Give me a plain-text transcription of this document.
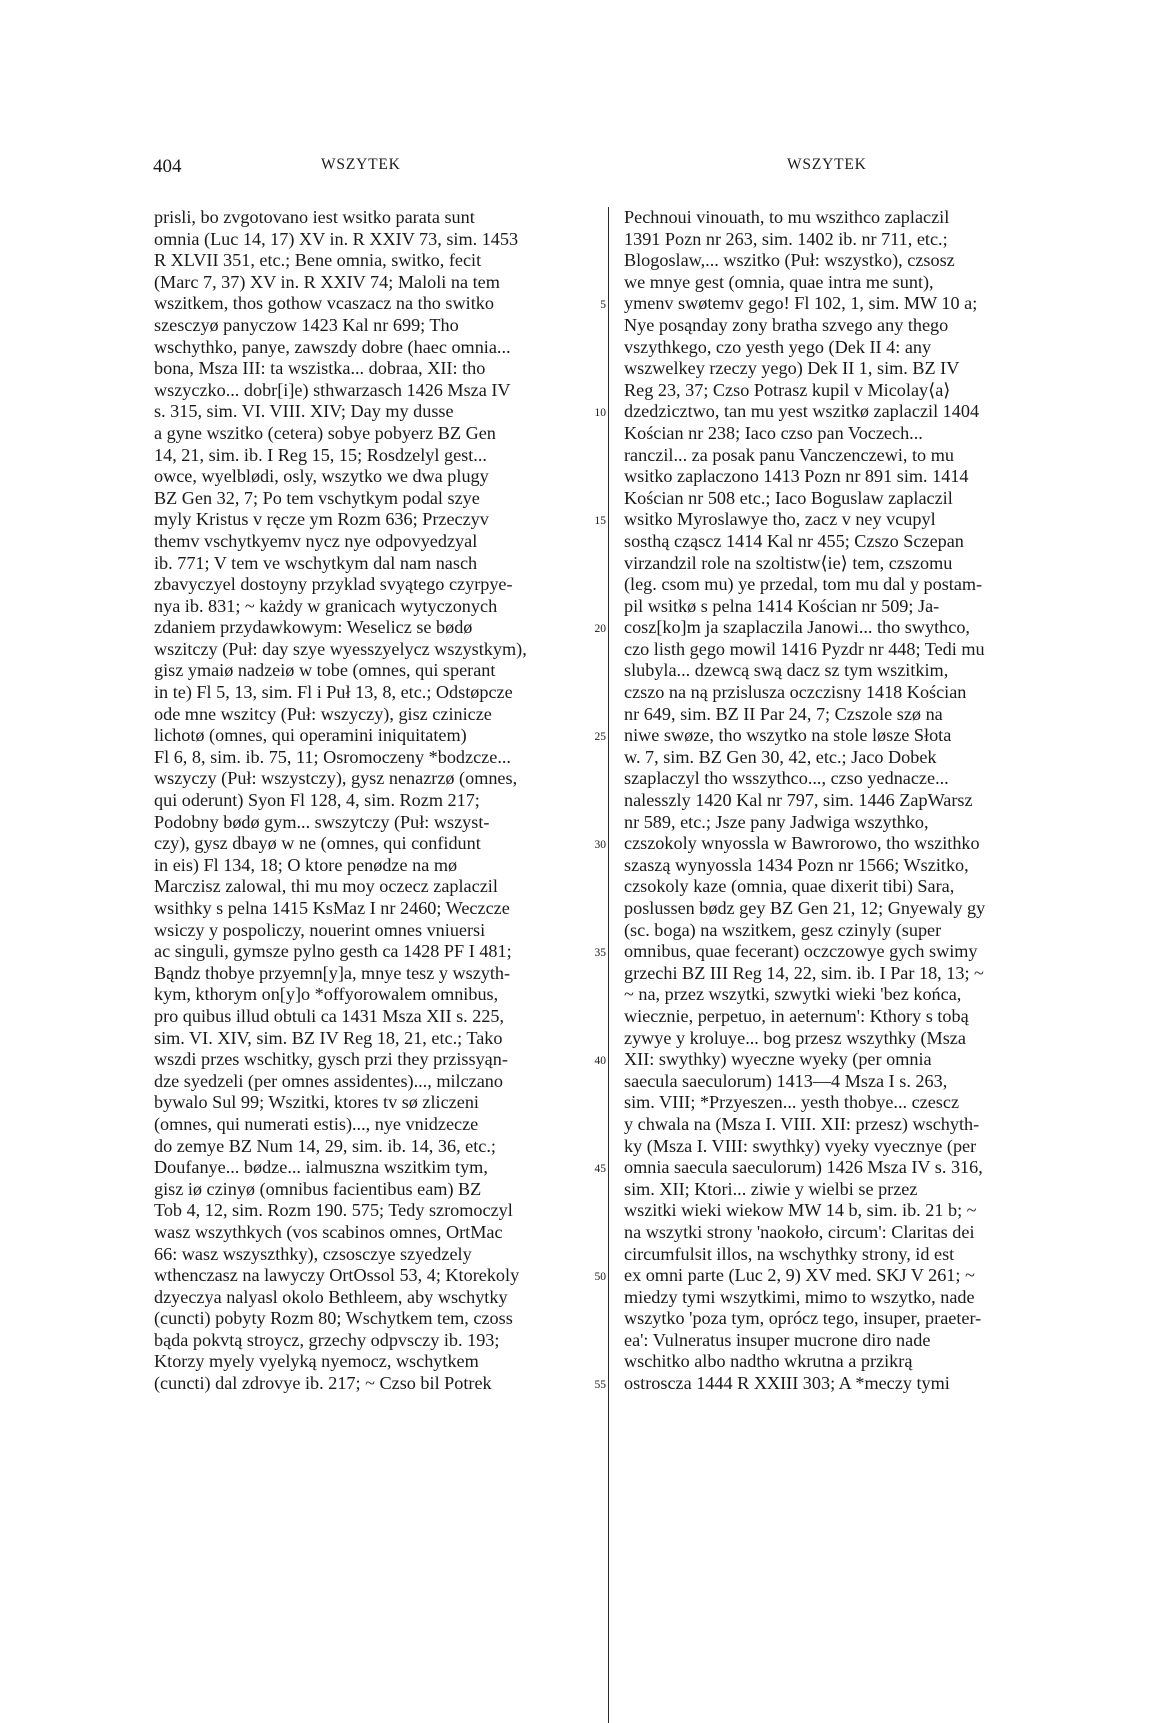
404	WSZYTEK	WSZYTEK
prisli, bo zvgotovano iest wsitko parata sunt
omnia (Luc 14, 17) XV in. R XXIV 73, sim. 1453
R XLVII 351, etc.; Bene omnia, switko, fecit
(Marc 7, 37) XV in. R XXIV 74; Maloli na tem
wszitkem, thos gothow vcaszacz na tho switko
szesczyø panyczow 1423 Kal nr 699; Tho
wschythko, panye, zawszdy dobre (haec omnia...
bona, Msza III: ta wszistka... dobraa, XII: tho
wszyczko... dobr[i]e) sthwarzasch 1426 Msza IV
s. 315, sim. VI. VIII. XIV; Day my dusse
a gyne wszitko (cetera) sobye pobyerz BZ Gen
14, 21, sim. ib. I Reg 15, 15; Rosdzelyl gest...
owce, wyelblødi, osly, wszytko we dwa plugy
BZ Gen 32, 7; Po tem vschytkym podal szye
myly Kristus v ręcze ym Rozm 636; Przeczyv
themv vschytkyemv nycz nye odpovyedzyal
ib. 771; V tem ve wschytkym dal nam nasch
zbavyczyel dostoyny przyklad svyątego czyrpye-
nya ib. 831; ~ każdy w granicach wytyczonych
zdaniem przydawkowym: Weselicz se bødø
wszitczy (Puł: day szye wyesszyelycz wszystkym),
gisz ymaiø nadzeiø w tobe (omnes, qui sperant
in te) Fl 5, 13, sim. Fl i Puł 13, 8, etc.; Odstøpcze
ode mne wszitcy (Puł: wszyczy), gisz czinicze
lichotø (omnes, qui operamini iniquitatem)
Fl 6, 8, sim. ib. 75, 11; Osromoczeny *bodzcze...
wszyczy (Puł: wszystczy), gysz nenazrzø (omnes,
qui oderunt) Syon Fl 128, 4, sim. Rozm 217;
Podobny bødø gym... swszytczy (Puł: wszyst-
czy), gysz dbayø w ne (omnes, qui confidunt
in eis) Fl 134, 18; O ktore penødze na mø
Marczisz zalowal, thi mu moy oczecz zaplaczil
wsithky s pelna 1415 KsMaz I nr 2460; Weczcze
wsiczy y pospoliczy, nouerint omnes vniuersi
ac singuli, gymsze pylno gesth ca 1428 PF I 481;
Bąndz thobye przyemn[y]a, mnye tesz y wszyth-
kym, kthorym on[y]o *offyorowalem omnibus,
pro quibus illud obtuli ca 1431 Msza XII s. 225,
sim. VI. XIV, sim. BZ IV Reg 18, 21, etc.; Tako
wszdi przes wschitky, gysch przi they przissyąn-
dze syedzeli (per omnes assidentes)..., milczano
bywalo Sul 99; Wszitki, ktores tv sø zliczeni
(omnes, qui numerati estis)..., nye vnidzecze
do zemye BZ Num 14, 29, sim. ib. 14, 36, etc.;
Doufanye... bødze... ialmuszna wszitkim tym,
gisz iø czinyø (omnibus facientibus eam) BZ
Tob 4, 12, sim. Rozm 190. 575; Tedy szromoczyl
wasz wszythkych (vos scabinos omnes, OrtMac
66: wasz wszyszthky), czsosczye szyedzely
wthenczasz na lawyczy OrtOssol 53, 4; Ktorekoly
dzyeczya nalyasl okolo Bethleem, aby wschytky
(cuncti) pobyty Rozm 80; Wschytkem tem, czoss
bąda pokvtą stroycz, grzechy odpvsczy ib. 193;
Ktorzy myely vyelyką nyemocz, wschytkem
(cuncti) dal zdrovye ib. 217; ~ Czso bil Potrek
5
10
15
20
25
30
35
40
45
50
55
Pechnoui vinouath, to mu wszithco zaplaczil
1391 Pozn nr 263, sim. 1402 ib. nr 711, etc.;
Blogoslaw,... wszitko (Puł: wszystko), czsosz
we mnye gest (omnia, quae intra me sunt),
ymenv swøtemv gego! Fl 102, 1, sim. MW 10 a;
Nye posąnday zony bratha szvego any thego
vszythkego, czo yesth yego (Dek II 4: any
wszwelkey rzeczy yego) Dek II 1, sim. BZ IV
Reg 23, 37; Czso Potrasz kupil v Micolay⟨a⟩
dzedzicztwo, tan mu yest wszitkø zaplaczil 1404
Kościan nr 238; Iaco czso pan Voczech...
ranczil... za posak panu Vanczenczewi, to mu
wsitko zaplaczono 1413 Pozn nr 891 sim. 1414
Kościan nr 508 etc.; Iaco Boguslaw zaplaczil
wsitko Myroslawye tho, zacz v ney vcupyl
sosthą cząscz 1414 Kal nr 455; Czszo Sczepan
virzandzil role na szoltistw⟨ie⟩ tem, czszomu
(leg. csom mu) ye przedal, tom mu dal y postam-
pil wsitkø s pelna 1414 Kościan nr 509; Ja-
cosz[ko]m ja szaplaczila Janowi... tho swythco,
czo listh gego mowil 1416 Pyzdr nr 448; Tedi mu
slubyla... dzewcą swą dacz sz tym wszitkim,
czszo na ną przislusza oczczisny 1418 Kościan
nr 649, sim. BZ II Par 24, 7; Czszole szø na
niwe swøze, tho wszytko na stole løsze Słota
w. 7, sim. BZ Gen 30, 42, etc.; Jaco Dobek
szaplaczyl tho wsszythco..., czso yednacze...
nalesszly 1420 Kal nr 797, sim. 1446 ZapWarsz
nr 589, etc.; Jsze pany Jadwiga wszythko,
czszokoly wnyossla w Bawrorowo, tho wszithko
szaszą wynyossla 1434 Pozn nr 1566; Wszitko,
czsokoly kaze (omnia, quae dixerit tibi) Sara,
poslussen bødz gey BZ Gen 21, 12; Gnyewaly gy
(sc. boga) na wszitkem, gesz czinyly (super
omnibus, quae fecerant) oczczowye gych swimy
grzechi BZ III Reg 14, 22, sim. ib. I Par 18, 13; ~
~ na, przez wszytki, szwytki wieki 'bez końca,
wiecznie, perpetuo, in aeternum': Kthory s tobą
zywye y kroluye... bog przesz wszythky (Msza
XII: swythky) wyeczne wyeky (per omnia
saecula saeculorum) 1413—4 Msza I s. 263,
sim. VIII; *Przyeszen... yesth thobye... czescz
y chwala na (Msza I. VIII. XII: przesz) wschyth-
ky (Msza I. VIII: swythky) vyeky vyecznye (per
omnia saecula saeculorum) 1426 Msza IV s. 316,
sim. XII; Ktori... ziwie y wielbi se przez
wszitki wieki wiekow MW 14 b, sim. ib. 21 b; ~
na wszytki strony 'naokoło, circum': Claritas dei
circumfulsit illos, na wschythky strony, id est
ex omni parte (Luc 2, 9) XV med. SKJ V 261; ~
miedzy tymi wszytkimi, mimo to wszytko, nade
wszytko 'poza tym, oprócz tego, insuper, praeter-
ea': Vulneratus insuper mucrone diro nade
wschitko albo nadtho wkrutna a przikrą
ostroscza 1444 R XXIII 303; A *meczy tymi
